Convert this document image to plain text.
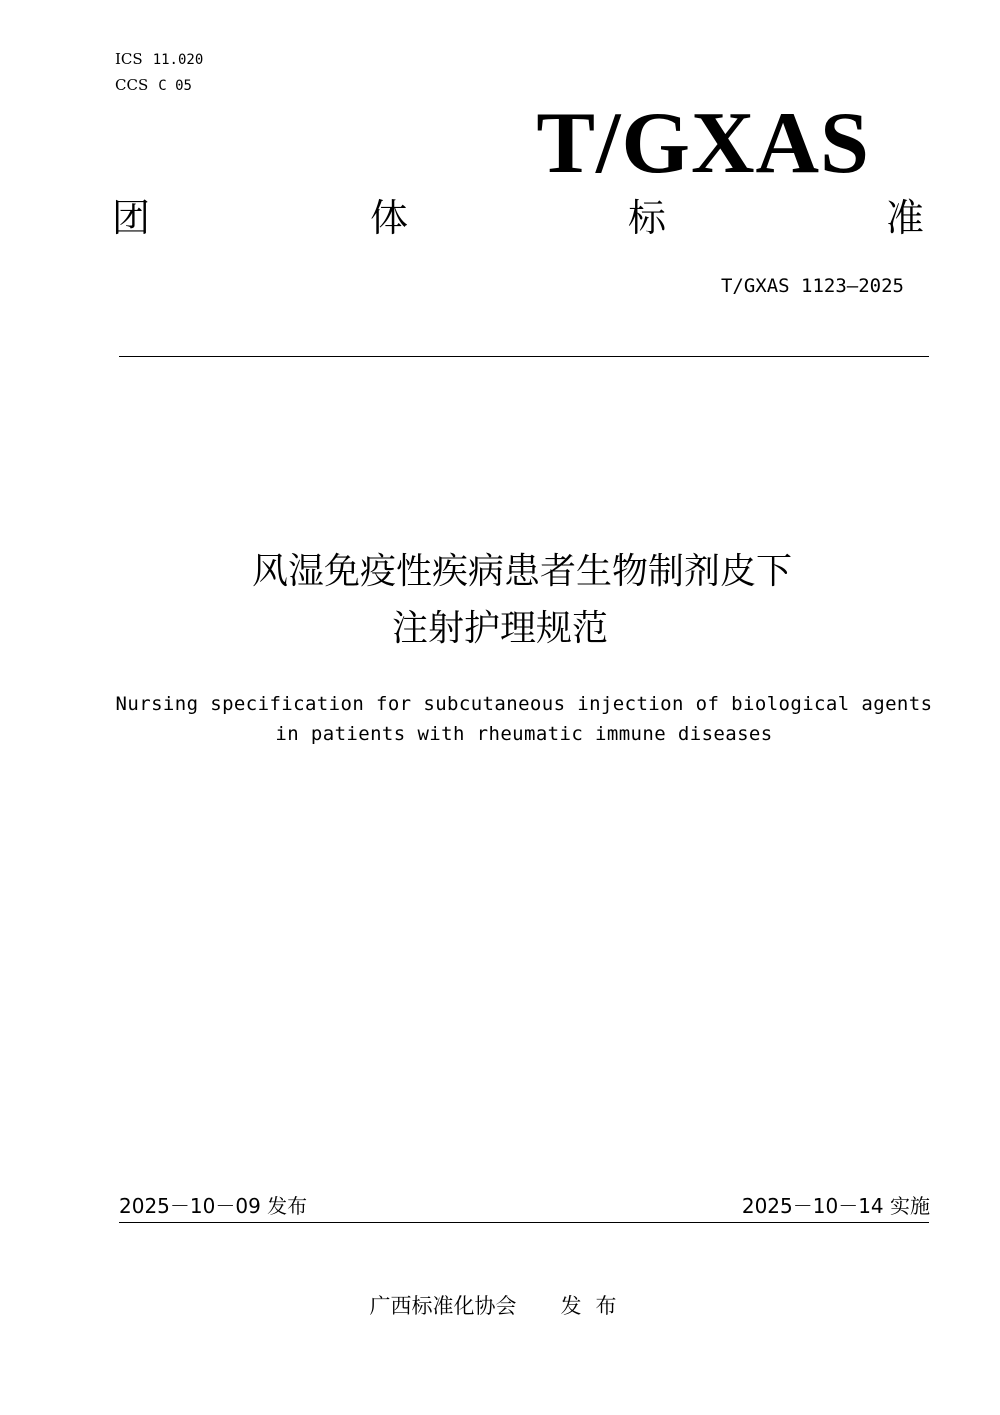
ICS 11.020
CCS C 05
T/GXAS
团	体	标	准
T/GXAS 1123—2025
风湿免疫性疾病患者生物制剂皮下
注射护理规范
Nursing specification for subcutaneous injection of biological agents
in patients with rheumatic immune diseases
2025－10－09 发布	2025－10－14 实施
广西标准化协会 发布
